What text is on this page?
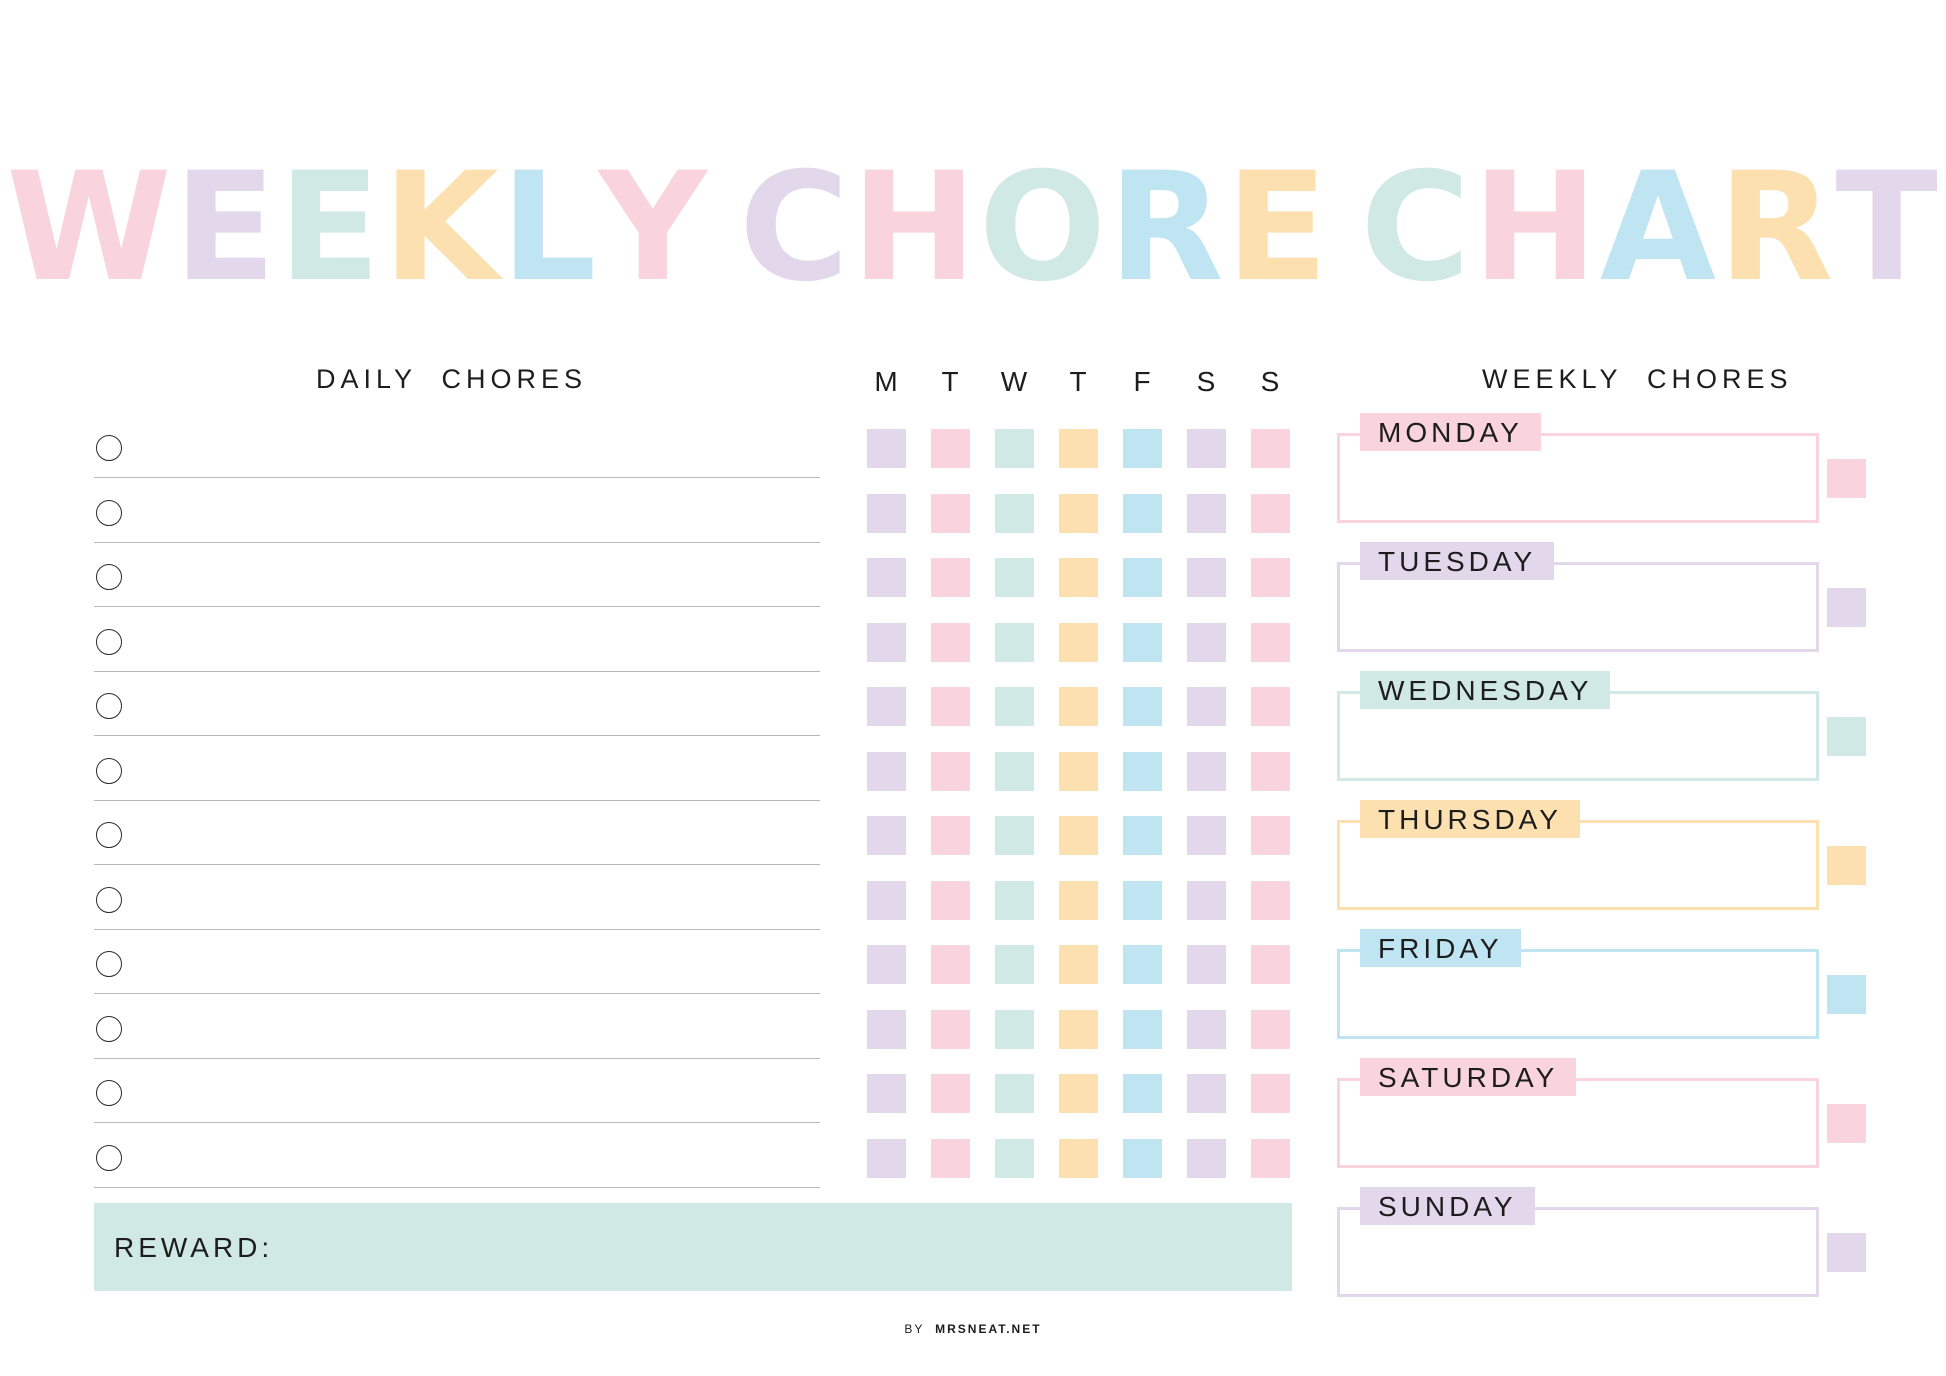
WEEKLY CHORE CHART
DAILY  CHORES	M	T	W	T	F	S	S
REWARD:
WEEKLY  CHORES
MONDAY
TUESDAY
WEDNESDAY
THURSDAY
FRIDAY
SATURDAY
SUNDAY
BY MRSNEAT.NET
